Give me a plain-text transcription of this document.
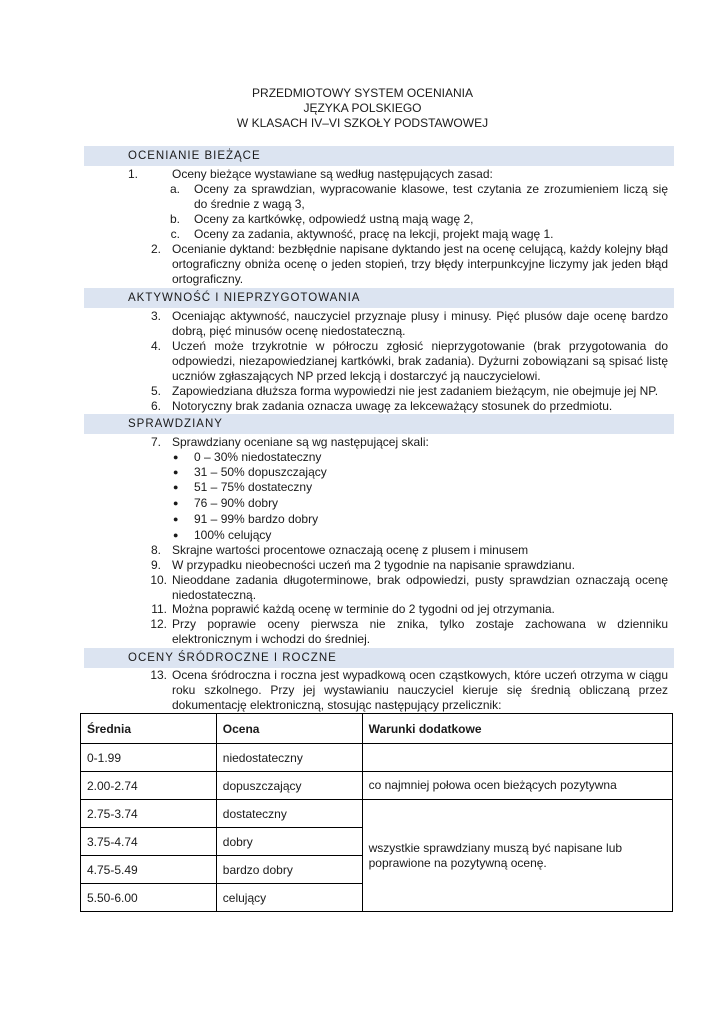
PRZEDMIOTOWY SYSTEM OCENIANIA
JĘZYKA POLSKIEGO
W KLASACH IV–VI SZKOŁY PODSTAWOWEJ
OCENIANIE BIEŻĄCE
1.	Oceny bieżące wystawiane są według następujących zasad:
a. Oceny za sprawdzian, wypracowanie klasowe, test czytania ze zrozumieniem liczą się do średnie z wagą 3,
b. Oceny za kartkówkę, odpowiedź ustną mają wagę 2,
c. Oceny za zadania, aktywność, pracę na lekcji, projekt mają wagę 1.
2. Ocenianie dyktand: bezbłędnie napisane dyktando jest na ocenę celującą, każdy kolejny błąd ortograficzny obniża ocenę o jeden stopień, trzy błędy interpunkcyjne liczymy jak jeden błąd ortograficzny.
AKTYWNOŚĆ I NIEPRZYGOTOWANIA
3. Oceniając aktywność, nauczyciel przyznaje plusy i minusy. Pięć plusów daje ocenę bardzo dobrą, pięć minusów ocenę niedostateczną.
4. Uczeń może trzykrotnie w półroczu zgłosić nieprzygotowanie (brak przygotowania do odpowiedzi, niezapowiedzianej kartkówki, brak zadania). Dyżurni zobowiązani są spisać listę uczniów zgłaszających NP przed lekcją i dostarczyć ją nauczycielowi.
5. Zapowiedziana dłuższa forma wypowiedzi nie jest zadaniem bieżącym, nie obejmuje jej NP.
6. Notoryczny brak zadania oznacza uwagę za lekceważący stosunek do przedmiotu.
SPRAWDZIANY
7. Sprawdziany oceniane są wg następującej skali:
● 0 – 30% niedostateczny
● 31 – 50% dopuszczający
● 51 – 75% dostateczny
● 76 – 90% dobry
● 91 – 99% bardzo dobry
● 100% celujący
8. Skrajne wartości procentowe oznaczają ocenę z plusem i minusem
9. W przypadku nieobecności uczeń ma 2 tygodnie na napisanie sprawdzianu.
10. Nieoddane zadania długoterminowe, brak odpowiedzi, pusty sprawdzian oznaczają ocenę niedostateczną.
11. Można poprawić każdą ocenę w terminie do 2 tygodni od jej otrzymania.
12. Przy poprawie oceny pierwsza nie znika, tylko zostaje zachowana w dzienniku elektronicznym i wchodzi do średniej.
OCENY ŚRÓDROCZNE I ROCZNE
13. Ocena śródroczna i roczna jest wypadkową ocen cząstkowych, które uczeń otrzyma w ciągu roku szkolnego. Przy jej wystawianiu nauczyciel kieruje się średnią obliczaną przez dokumentację elektroniczną, stosując następujący przelicznik:
Średnia	Ocena	Warunki dodatkowe
0-1.99	niedostateczny	
2.00-2.74	dopuszczający	co najmniej połowa ocen bieżących pozytywna
2.75-3.74	dostateczny	wszystkie sprawdziany muszą być napisane lub poprawione na pozytywną ocenę.
3.75-4.74	dobry	
4.75-5.49	bardzo dobry	
5.50-6.00	celujący	
